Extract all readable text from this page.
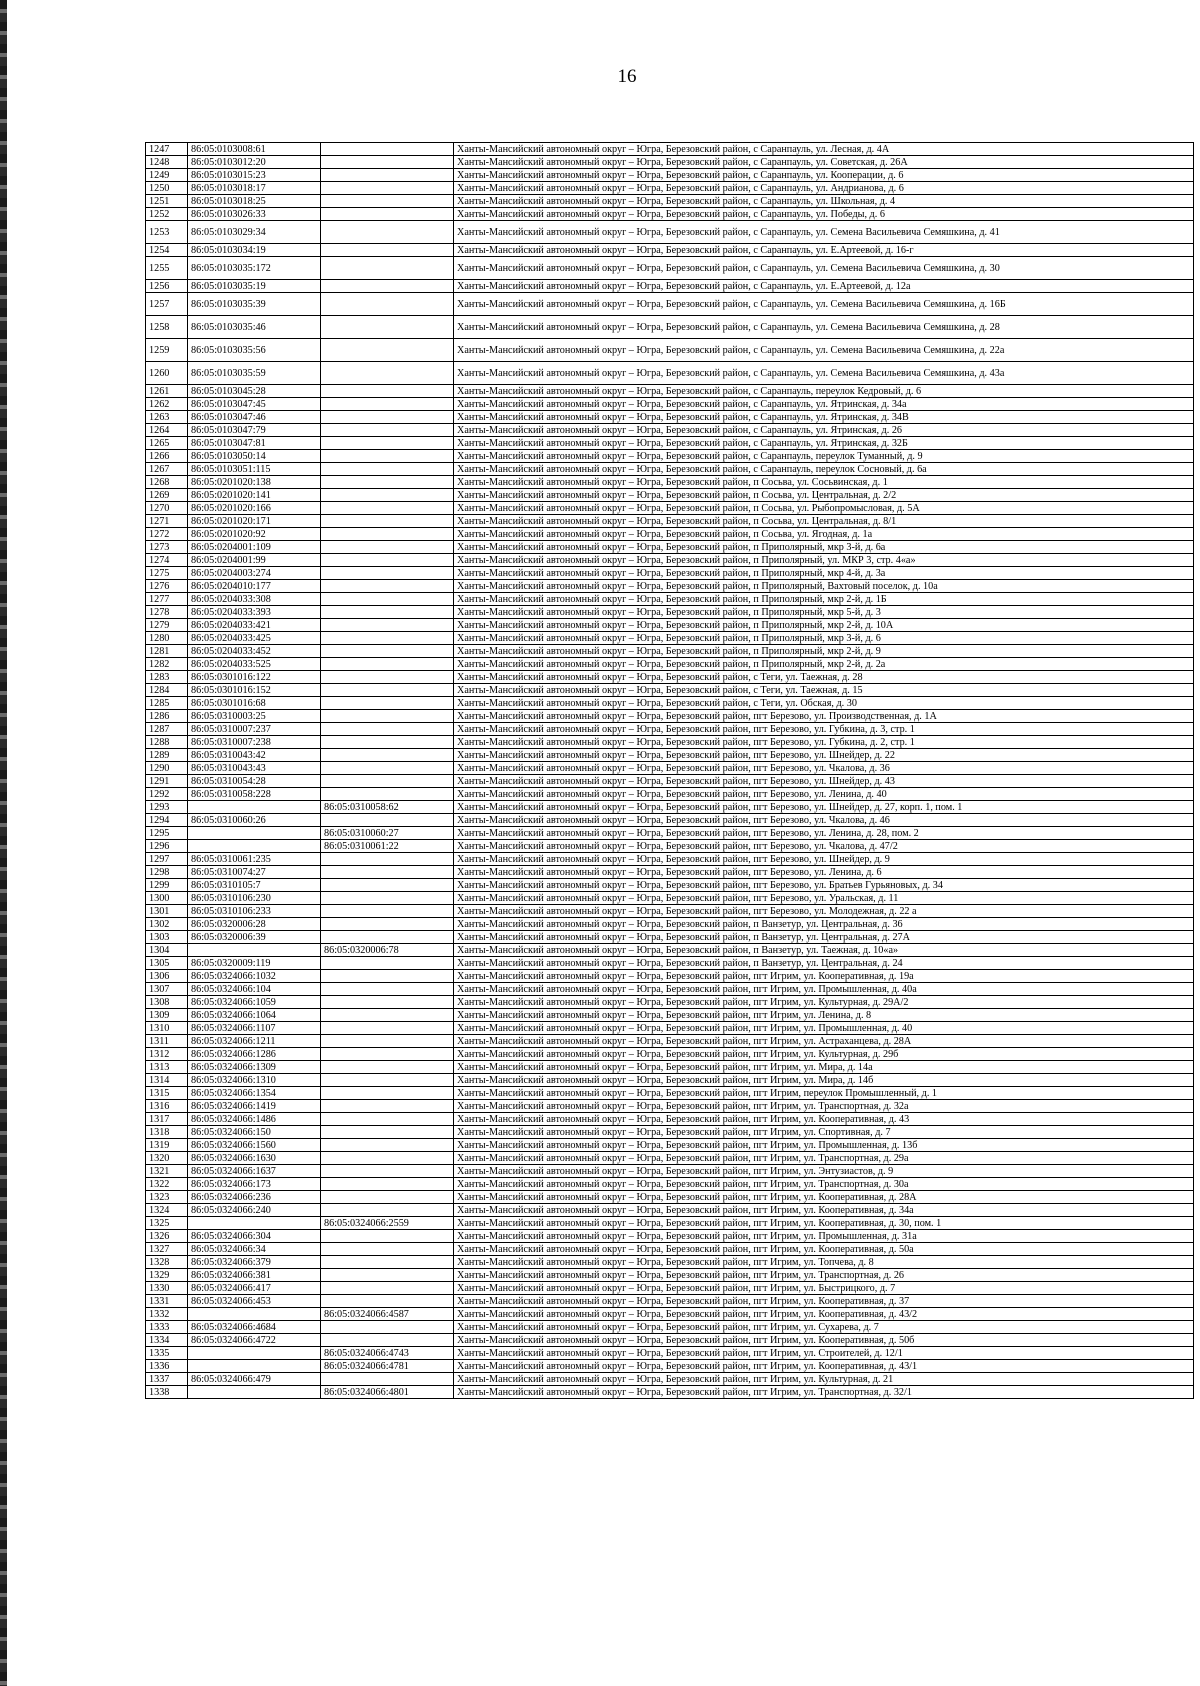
16
1247	86:05:0103008:61		Ханты-Мансийский автономный округ – Югра, Березовский район, с Саранпауль, ул. Лесная, д. 4А
1248	86:05:0103012:20		Ханты-Мансийский автономный округ – Югра, Березовский район, с Саранпауль, ул. Советская, д. 26А
1249	86:05:0103015:23		Ханты-Мансийский автономный округ – Югра, Березовский район, с Саранпауль, ул. Кооперации, д. 6
1250	86:05:0103018:17		Ханты-Мансийский автономный округ – Югра, Березовский район, с Саранпауль, ул. Андрианова, д. 6
1251	86:05:0103018:25		Ханты-Мансийский автономный округ – Югра, Березовский район, с Саранпауль, ул. Школьная, д. 4
1252	86:05:0103026:33		Ханты-Мансийский автономный округ – Югра, Березовский район, с Саранпауль, ул. Победы, д. 6
1253	86:05:0103029:34		Ханты-Мансийский автономный округ – Югра, Березовский район, с Саранпауль, ул. Семена Васильевича Семяшкина, д. 41
1254	86:05:0103034:19		Ханты-Мансийский автономный округ – Югра, Березовский район, с Саранпауль, ул. Е.Артеевой, д. 16-г
1255	86:05:0103035:172		Ханты-Мансийский автономный округ – Югра, Березовский район, с Саранпауль, ул. Семена Васильевича Семяшкина, д. 30
1256	86:05:0103035:19		Ханты-Мансийский автономный округ – Югра, Березовский район, с Саранпауль, ул. Е.Артеевой, д. 12а
1257	86:05:0103035:39		Ханты-Мансийский автономный округ – Югра, Березовский район, с Саранпауль, ул. Семена Васильевича Семяшкина, д. 16Б
1258	86:05:0103035:46		Ханты-Мансийский автономный округ – Югра, Березовский район, с Саранпауль, ул. Семена Васильевича Семяшкина, д. 28
1259	86:05:0103035:56		Ханты-Мансийский автономный округ – Югра, Березовский район, с Саранпауль, ул. Семена Васильевича Семяшкина, д. 22а
1260	86:05:0103035:59		Ханты-Мансийский автономный округ – Югра, Березовский район, с Саранпауль, ул. Семена Васильевича Семяшкина, д. 43а
1261	86:05:0103045:28		Ханты-Мансийский автономный округ – Югра, Березовский район, с Саранпауль, переулок Кедровый, д. 6
1262	86:05:0103047:45		Ханты-Мансийский автономный округ – Югра, Березовский район, с Саранпауль, ул. Ятринская, д. 34а
1263	86:05:0103047:46		Ханты-Мансийский автономный округ – Югра, Березовский район, с Саранпауль, ул. Ятринская, д. 34В
1264	86:05:0103047:79		Ханты-Мансийский автономный округ – Югра, Березовский район, с Саранпауль, ул. Ятринская, д. 26
1265	86:05:0103047:81		Ханты-Мансийский автономный округ – Югра, Березовский район, с Саранпауль, ул. Ятринская, д. 32Б
1266	86:05:0103050:14		Ханты-Мансийский автономный округ – Югра, Березовский район, с Саранпауль, переулок Туманный, д. 9
1267	86:05:0103051:115		Ханты-Мансийский автономный округ – Югра, Березовский район, с Саранпауль, переулок Сосновый, д. 6а
1268	86:05:0201020:138		Ханты-Мансийский автономный округ – Югра, Березовский район, п Сосьва, ул. Сосьвинская, д. 1
1269	86:05:0201020:141		Ханты-Мансийский автономный округ – Югра, Березовский район, п Сосьва, ул. Центральная, д. 2/2
1270	86:05:0201020:166		Ханты-Мансийский автономный округ – Югра, Березовский район, п Сосьва, ул. Рыбопромысловая, д. 5А
1271	86:05:0201020:171		Ханты-Мансийский автономный округ – Югра, Березовский район, п Сосьва, ул. Центральная, д. 8/1
1272	86:05:0201020:92		Ханты-Мансийский автономный округ – Югра, Березовский район, п Сосьва, ул. Ягодная, д. 1а
1273	86:05:0204001:109		Ханты-Мансийский автономный округ – Югра, Березовский район, п Приполярный, мкр 3-й, д. 6а
1274	86:05:0204001:99		Ханты-Мансийский автономный округ – Югра, Березовский район, п Приполярный, ул. МКР 3, стр. 4«а»
1275	86:05:0204003:274		Ханты-Мансийский автономный округ – Югра, Березовский район, п Приполярный, мкр 4-й, д. 3а
1276	86:05:0204010:177		Ханты-Мансийский автономный округ – Югра, Березовский район, п Приполярный, Вахтовый поселок, д. 10а
1277	86:05:0204033:308		Ханты-Мансийский автономный округ – Югра, Березовский район, п Приполярный, мкр 2-й, д. 1Б
1278	86:05:0204033:393		Ханты-Мансийский автономный округ – Югра, Березовский район, п Приполярный, мкр 5-й, д. 3
1279	86:05:0204033:421		Ханты-Мансийский автономный округ – Югра, Березовский район, п Приполярный, мкр 2-й, д. 10А
1280	86:05:0204033:425		Ханты-Мансийский автономный округ – Югра, Березовский район, п Приполярный, мкр 3-й, д. 6
1281	86:05:0204033:452		Ханты-Мансийский автономный округ – Югра, Березовский район, п Приполярный, мкр 2-й, д. 9
1282	86:05:0204033:525		Ханты-Мансийский автономный округ – Югра, Березовский район, п Приполярный, мкр 2-й, д. 2а
1283	86:05:0301016:122		Ханты-Мансийский автономный округ – Югра, Березовский район, с Теги, ул. Таежная, д. 28
1284	86:05:0301016:152		Ханты-Мансийский автономный округ – Югра, Березовский район, с Теги, ул. Таежная, д. 15
1285	86:05:0301016:68		Ханты-Мансийский автономный округ – Югра, Березовский район, с Теги, ул. Обская, д. 30
1286	86:05:0310003:25		Ханты-Мансийский автономный округ – Югра, Березовский район, пгт Березово, ул. Производственная, д. 1А
1287	86:05:0310007:237		Ханты-Мансийский автономный округ – Югра, Березовский район, пгт Березово, ул. Губкина, д. 3, стр. 1
1288	86:05:0310007:238		Ханты-Мансийский автономный округ – Югра, Березовский район, пгт Березово, ул. Губкина, д. 2, стр. 1
1289	86:05:0310043:42		Ханты-Мансийский автономный округ – Югра, Березовский район, пгт Березово, ул. Шнейдер, д. 22
1290	86:05:0310043:43		Ханты-Мансийский автономный округ – Югра, Березовский район, пгт Березово, ул. Чкалова, д. 36
1291	86:05:0310054:28		Ханты-Мансийский автономный округ – Югра, Березовский район, пгт Березово, ул. Шнейдер, д. 43
1292	86:05:0310058:228		Ханты-Мансийский автономный округ – Югра, Березовский район, пгт Березово, ул. Ленина, д. 40
1293		86:05:0310058:62	Ханты-Мансийский автономный округ – Югра, Березовский район, пгт Березово, ул. Шнейдер, д. 27, корп. 1, пом. 1
1294	86:05:0310060:26		Ханты-Мансийский автономный округ – Югра, Березовский район, пгт Березово, ул. Чкалова, д. 46
1295		86:05:0310060:27	Ханты-Мансийский автономный округ – Югра, Березовский район, пгт Березово, ул. Ленина, д. 28, пом. 2
1296		86:05:0310061:22	Ханты-Мансийский автономный округ – Югра, Березовский район, пгт Березово, ул. Чкалова, д. 47/2
1297	86:05:0310061:235		Ханты-Мансийский автономный округ – Югра, Березовский район, пгт Березово, ул. Шнейдер, д. 9
1298	86:05:0310074:27		Ханты-Мансийский автономный округ – Югра, Березовский район, пгт Березово, ул. Ленина, д. 6
1299	86:05:0310105:7		Ханты-Мансийский автономный округ – Югра, Березовский район, пгт Березово, ул. Братьев Гурьяновых, д. 34
1300	86:05:0310106:230		Ханты-Мансийский автономный округ – Югра, Березовский район, пгт Березово, ул. Уральская, д. 11
1301	86:05:0310106:233		Ханты-Мансийский автономный округ – Югра, Березовский район, пгт Березово, ул. Молодежная, д. 22 а
1302	86:05:0320006:28		Ханты-Мансийский автономный округ – Югра, Березовский район, п Ванзетур, ул. Центральная, д. 36
1303	86:05:0320006:39		Ханты-Мансийский автономный округ – Югра, Березовский район, п Ванзетур, ул. Центральная, д. 27А
1304		86:05:0320006:78	Ханты-Мансийский автономный округ – Югра, Березовский район, п Ванзетур, ул. Таежная, д. 10«а»
1305	86:05:0320009:119		Ханты-Мансийский автономный округ – Югра, Березовский район, п Ванзетур, ул. Центральная, д. 24
1306	86:05:0324066:1032		Ханты-Мансийский автономный округ – Югра, Березовский район, пгт Игрим, ул. Кооперативная, д. 19а
1307	86:05:0324066:104		Ханты-Мансийский автономный округ – Югра, Березовский район, пгт Игрим, ул. Промышленная, д. 40а
1308	86:05:0324066:1059		Ханты-Мансийский автономный округ – Югра, Березовский район, пгт Игрим, ул. Культурная, д. 29А/2
1309	86:05:0324066:1064		Ханты-Мансийский автономный округ – Югра, Березовский район, пгт Игрим, ул. Ленина, д. 8
1310	86:05:0324066:1107		Ханты-Мансийский автономный округ – Югра, Березовский район, пгт Игрим, ул. Промышленная, д. 40
1311	86:05:0324066:1211		Ханты-Мансийский автономный округ – Югра, Березовский район, пгт Игрим, ул. Астраханцева, д. 28А
1312	86:05:0324066:1286		Ханты-Мансийский автономный округ – Югра, Березовский район, пгт Игрим, ул. Культурная, д. 29б
1313	86:05:0324066:1309		Ханты-Мансийский автономный округ – Югра, Березовский район, пгт Игрим, ул. Мира, д. 14а
1314	86:05:0324066:1310		Ханты-Мансийский автономный округ – Югра, Березовский район, пгт Игрим, ул. Мира, д. 14б
1315	86:05:0324066:1354		Ханты-Мансийский автономный округ – Югра, Березовский район, пгт Игрим, переулок Промышленный, д. 1
1316	86:05:0324066:1419		Ханты-Мансийский автономный округ – Югра, Березовский район, пгт Игрим, ул. Транспортная, д. 32а
1317	86:05:0324066:1486		Ханты-Мансийский автономный округ – Югра, Березовский район, пгт Игрим, ул. Кооперативная, д. 43
1318	86:05:0324066:150		Ханты-Мансийский автономный округ – Югра, Березовский район, пгт Игрим, ул. Спортивная, д. 7
1319	86:05:0324066:1560		Ханты-Мансийский автономный округ – Югра, Березовский район, пгт Игрим, ул. Промышленная, д. 13б
1320	86:05:0324066:1630		Ханты-Мансийский автономный округ – Югра, Березовский район, пгт Игрим, ул. Транспортная, д. 29а
1321	86:05:0324066:1637		Ханты-Мансийский автономный округ – Югра, Березовский район, пгт Игрим, ул. Энтузиастов, д. 9
1322	86:05:0324066:173		Ханты-Мансийский автономный округ – Югра, Березовский район, пгт Игрим, ул. Транспортная, д. 30а
1323	86:05:0324066:236		Ханты-Мансийский автономный округ – Югра, Березовский район, пгт Игрим, ул. Кооперативная, д. 28А
1324	86:05:0324066:240		Ханты-Мансийский автономный округ – Югра, Березовский район, пгт Игрим, ул. Кооперативная, д. 34а
1325		86:05:0324066:2559	Ханты-Мансийский автономный округ – Югра, Березовский район, пгт Игрим, ул. Кооперативная, д. 30, пом. 1
1326	86:05:0324066:304		Ханты-Мансийский автономный округ – Югра, Березовский район, пгт Игрим, ул. Промышленная, д. 31а
1327	86:05:0324066:34		Ханты-Мансийский автономный округ – Югра, Березовский район, пгт Игрим, ул. Кооперативная, д. 50а
1328	86:05:0324066:379		Ханты-Мансийский автономный округ – Югра, Березовский район, пгт Игрим, ул. Топчева, д. 8
1329	86:05:0324066:381		Ханты-Мансийский автономный округ – Югра, Березовский район, пгт Игрим, ул. Транспортная, д. 26
1330	86:05:0324066:417		Ханты-Мансийский автономный округ – Югра, Березовский район, пгт Игрим, ул. Быстрицкого, д. 7
1331	86:05:0324066:453		Ханты-Мансийский автономный округ – Югра, Березовский район, пгт Игрим, ул. Кооперативная, д. 37
1332		86:05:0324066:4587	Ханты-Мансийский автономный округ – Югра, Березовский район, пгт Игрим, ул. Кооперативная, д. 43/2
1333	86:05:0324066:4684		Ханты-Мансийский автономный округ – Югра, Березовский район, пгт Игрим, ул. Сухарева, д. 7
1334	86:05:0324066:4722		Ханты-Мансийский автономный округ – Югра, Березовский район, пгт Игрим, ул. Кооперативная, д. 50б
1335		86:05:0324066:4743	Ханты-Мансийский автономный округ – Югра, Березовский район, пгт Игрим, ул. Строителей, д. 12/1
1336		86:05:0324066:4781	Ханты-Мансийский автономный округ – Югра, Березовский район, пгт Игрим, ул. Кооперативная, д. 43/1
1337	86:05:0324066:479		Ханты-Мансийский автономный округ – Югра, Березовский район, пгт Игрим, ул. Культурная, д. 21
1338		86:05:0324066:4801	Ханты-Мансийский автономный округ – Югра, Березовский район, пгт Игрим, ул. Транспортная, д. 32/1
